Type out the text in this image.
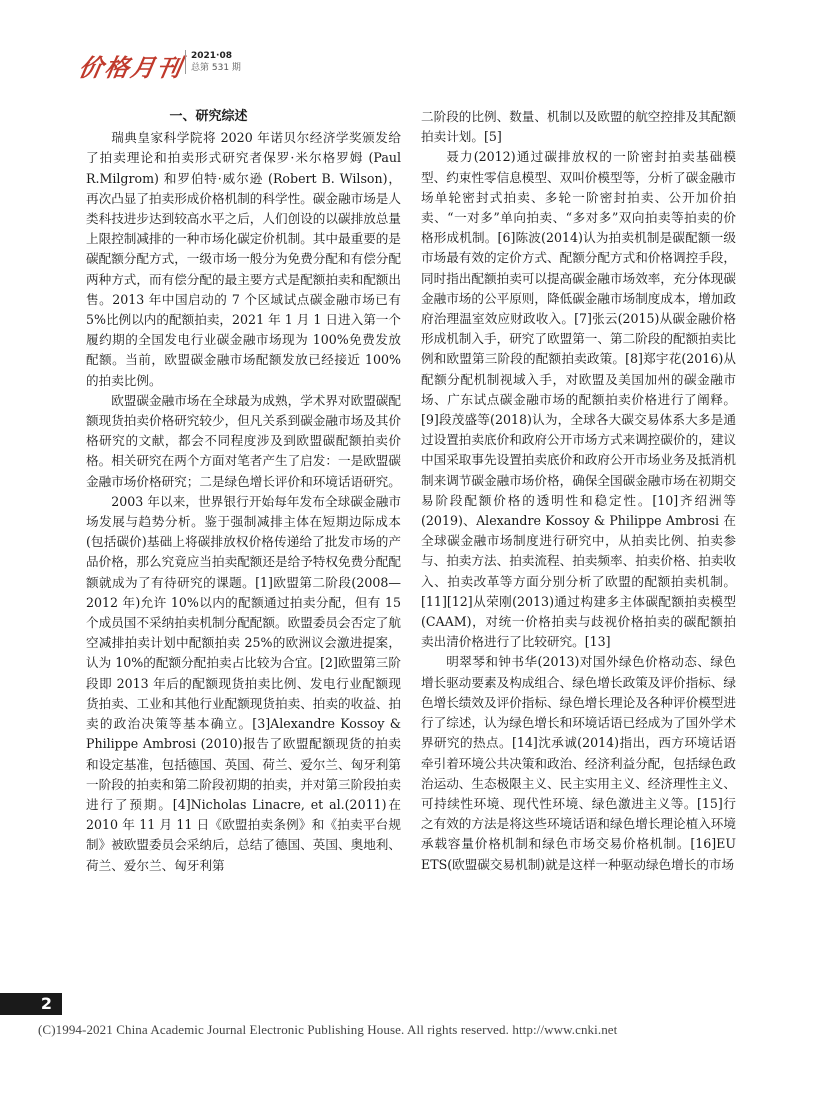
价格月刊 2021·08
总第 531 期
一、研究综述

瑞典皇家科学院将 2020 年诺贝尔经济学奖颁发给了拍卖理论和拍卖形式研究者保罗·米尔格罗姆 (Paul R.Milgrom) 和罗伯特·威尔逊 (Robert B. Wilson)，再次凸显了拍卖形成价格机制的科学性。碳金融市场是人类科技进步达到较高水平之后，人们创设的以碳排放总量上限控制减排的一种市场化碳定价机制。其中最重要的是碳配额分配方式，一级市场一般分为免费分配和有偿分配两种方式，而有偿分配的最主要方式是配额拍卖和配额出售。2013 年中国启动的 7 个区域试点碳金融市场已有 5%比例以内的配额拍卖，2021 年 1 月 1 日进入第一个履约期的全国发电行业碳金融市场现为 100%免费发放配额。当前，欧盟碳金融市场配额发放已经接近 100%的拍卖比例。

欧盟碳金融市场在全球最为成熟，学术界对欧盟碳配额现货拍卖价格研究较少，但凡关系到碳金融市场及其价格研究的文献，都会不同程度涉及到欧盟碳配额拍卖价格。相关研究在两个方面对笔者产生了启发：一是欧盟碳金融市场价格研究；二是绿色增长评价和环境话语研究。

2003 年以来，世界银行开始每年发布全球碳金融市场发展与趋势分析。鉴于强制减排主体在短期边际成本(包括碳价)基础上将碳排放权价格传递给了批发市场的产品价格，那么究竟应当拍卖配额还是给予特权免费分配配额就成为了有待研究的课题。[1]欧盟第二阶段(2008—2012 年)允许 10%以内的配额通过拍卖分配，但有 15 个成员国不采纳拍卖机制分配配额。欧盟委员会否定了航空减排拍卖计划中配额拍卖 25%的欧洲议会激进提案，认为 10%的配额分配拍卖占比较为合宜。[2]欧盟第三阶段即 2013 年后的配额现货拍卖比例、发电行业配额现货拍卖、工业和其他行业配额现货拍卖、拍卖的收益、拍卖的政治决策等基本确立。[3]Alexandre Kossoy & Philippe Ambrosi (2010)报告了欧盟配额现货的拍卖和设定基准，包括德国、英国、荷兰、爱尔兰、匈牙利第一阶段的拍卖和第二阶段初期的拍卖，并对第三阶段拍卖进行了预期。[4]Nicholas Linacre, et al.(2011)在 2010 年 11 月 11 日《欧盟拍卖条例》和《拍卖平台规制》被欧盟委员会采纳后，总结了德国、英国、奥地利、荷兰、爱尔兰、匈牙利第

二阶段的比例、数量、机制以及欧盟的航空控排及其配额拍卖计划。[5]

聂力(2012)通过碳排放权的一阶密封拍卖基础模型、约束性零信息模型、双叫价模型等，分析了碳金融市场单轮密封式拍卖、多轮一阶密封拍卖、公开加价拍卖、“一对多”单向拍卖、“多对多”双向拍卖等拍卖的价格形成机制。[6]陈波(2014)认为拍卖机制是碳配额一级市场最有效的定价方式、配额分配方式和价格调控手段，同时指出配额拍卖可以提高碳金融市场效率，充分体现碳金融市场的公平原则，降低碳金融市场制度成本，增加政府治理温室效应财政收入。[7]张云(2015)从碳金融价格形成机制入手，研究了欧盟第一、第二阶段的配额拍卖比例和欧盟第三阶段的配额拍卖政策。[8]郑宇花(2016)从配额分配机制视域入手，对欧盟及美国加州的碳金融市场、广东试点碳金融市场的配额拍卖价格进行了阐释。[9]段茂盛等(2018)认为，全球各大碳交易体系大多是通过设置拍卖底价和政府公开市场方式来调控碳价的，建议中国采取事先设置拍卖底价和政府公开市场业务及抵消机制来调节碳金融市场价格，确保全国碳金融市场在初期交易阶段配额价格的透明性和稳定性。[10]齐绍洲等(2019)、Alexandre Kossoy & Philippe Ambrosi 在全球碳金融市场制度进行研究中，从拍卖比例、拍卖参与、拍卖方法、拍卖流程、拍卖频率、拍卖价格、拍卖收入、拍卖改革等方面分别分析了欧盟的配额拍卖机制。[11][12]从荣刚(2013)通过构建多主体碳配额拍卖模型(CAAM)，对统一价格拍卖与歧视价格拍卖的碳配额拍卖出清价格进行了比较研究。[13]

明翠琴和钟书华(2013)对国外绿色价格动态、绿色增长驱动要素及构成组合、绿色增长政策及评价指标、绿色增长绩效及评价指标、绿色增长理论及各种评价模型进行了综述，认为绿色增长和环境话语已经成为了国外学术界研究的热点。[14]沈承诚(2014)指出，西方环境话语牵引着环境公共决策和政治、经济利益分配，包括绿色政治运动、生态极限主义、民主实用主义、经济理性主义、可持续性环境、现代性环境、绿色激进主义等。[15]行之有效的方法是将这些环境话语和绿色增长理论植入环境承载容量价格机制和绿色市场交易价格机制。[16]EU ETS(欧盟碳交易机制)就是这样一种驱动绿色增长的市场

2
(C)1994-2021 China Academic Journal Electronic Publishing House. All rights reserved. http://www.cnki.net
